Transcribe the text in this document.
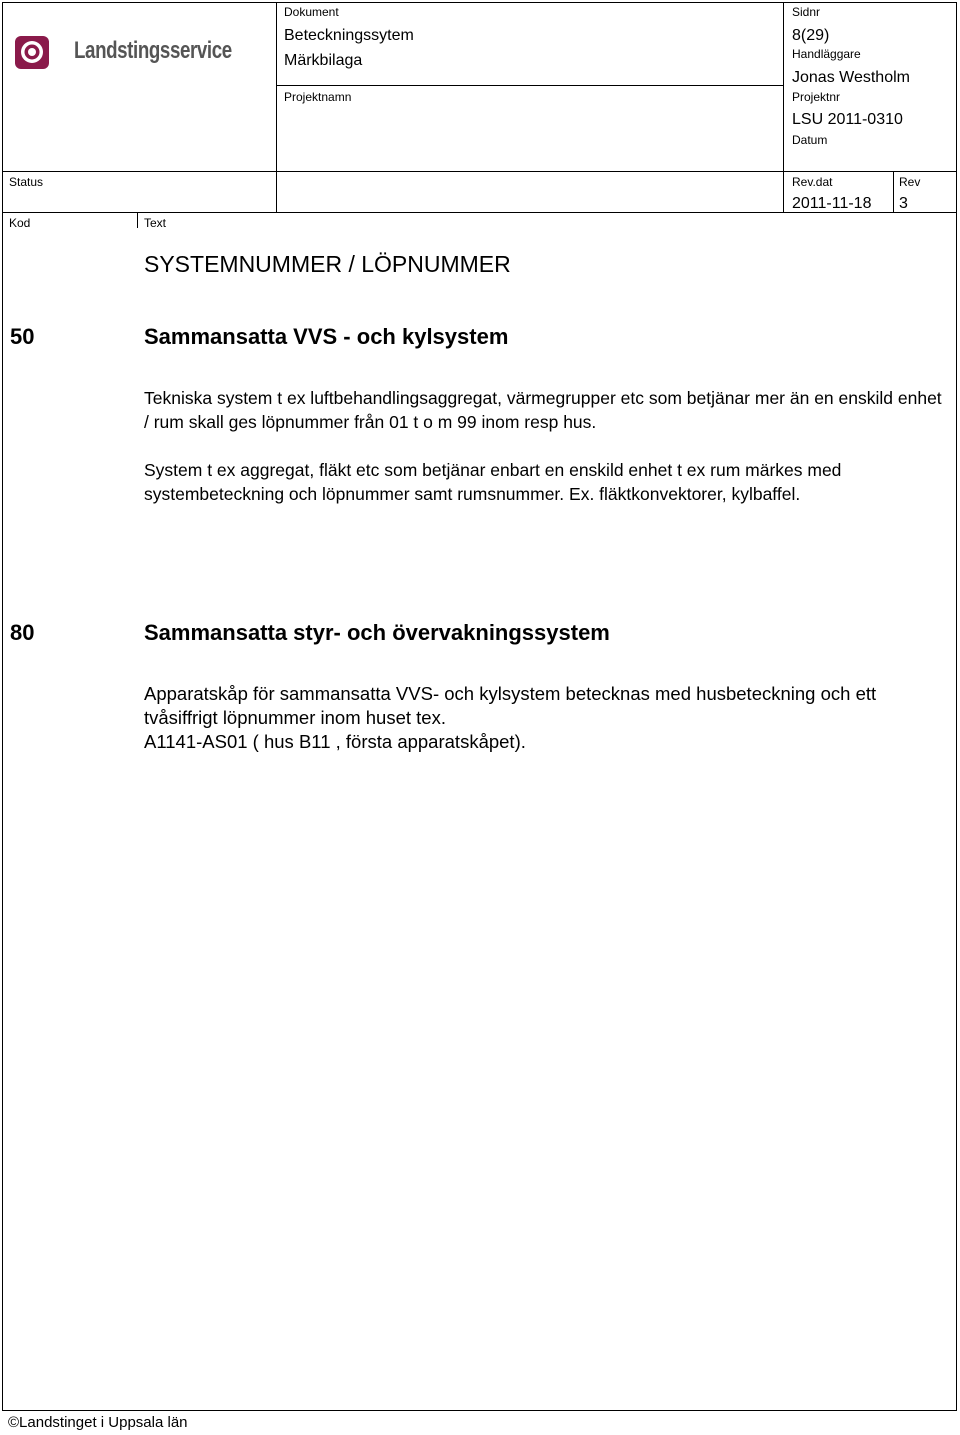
Landstingsservice
Dokument
Beteckningssytem
Märkbilaga
Sidnr
8(29)
Handläggare
Jonas Westholm
Projektnamn	Projektnr
LSU 2011-0310
Datum
Status	Rev.dat
2011-11-18
Rev
3
Kod	Text
SYSTEMNUMMER / LÖPNUMMER
50	Sammansatta VVS - och kylsystem
Tekniska system t ex luftbehandlingsaggregat, värmegrupper etc som betjänar mer än en enskild enhet / rum skall ges löpnummer från 01 t o m 99 inom resp hus.
System t ex aggregat, fläkt etc som betjänar enbart en enskild enhet t ex rum märkes med systembeteckning och löpnummer samt rumsnummer. Ex. fläktkonvektorer, kylbaffel.
80	Sammansatta styr- och övervakningssystem
Apparatskåp för sammansatta VVS- och kylsystem betecknas med husbeteckning och ett tvåsiffrigt löpnummer inom huset tex.
A1141-AS01 ( hus B11 , första apparatskåpet).
©Landstinget i Uppsala län
